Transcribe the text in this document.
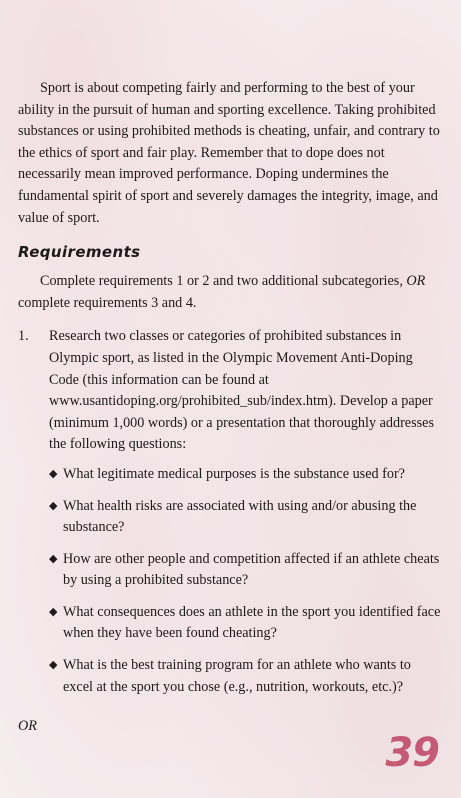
Sport is about competing fairly and performing to the best of your ability in the pursuit of human and sporting excellence. Taking prohibited substances or using prohibited methods is cheating, unfair, and contrary to the ethics of sport and fair play. Remember that to dope does not necessarily mean improved performance. Doping undermines the fundamental spirit of sport and severely damages the integrity, image, and value of sport.

Requirements

Complete requirements 1 or 2 and two additional subcategories, OR complete requirements 3 and 4.

1.	Research two classes or categories of prohibited substances in Olympic sport, as listed in the Olympic Movement Anti-Doping Code (this information can be found at www.usantidoping.org/prohibited_sub/index.htm). Develop a paper (minimum 1,000 words) or a presentation that thoroughly addresses the following questions:

◆ What legitimate medical purposes is the substance used for?
◆ What health risks are associated with using and/or abusing the substance?
◆ How are other people and competition affected if an athlete cheats by using a prohibited substance?
◆ What consequences does an athlete in the sport you identified face when they have been found cheating?
◆ What is the best training program for an athlete who wants to excel at the sport you chose (e.g., nutrition, workouts, etc.)?

OR

39
